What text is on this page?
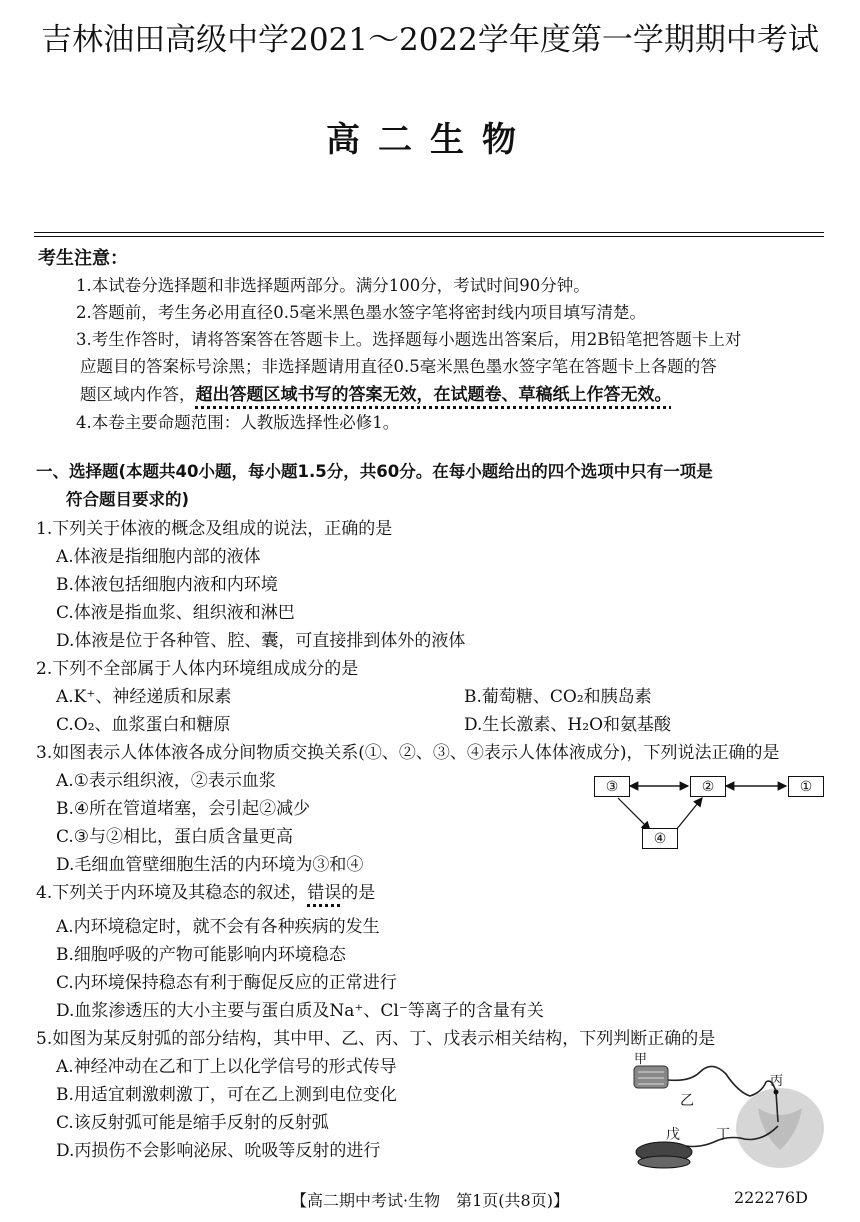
吉林油田高级中学2021～2022学年度第一学期期中考试
高二生物
考生注意：
1.本试卷分选择题和非选择题两部分。满分100分，考试时间90分钟。
2.答题前，考生务必用直径0.5毫米黑色墨水签字笔将密封线内项目填写清楚。
3.考生作答时，请将答案答在答题卡上。选择题每小题选出答案后，用2B铅笔把答题卡上对
应题目的答案标号涂黑；非选择题请用直径0.5毫米黑色墨水签字笔在答题卡上各题的答
题区域内作答，超出答题区域书写的答案无效，在试题卷、草稿纸上作答无效。
4.本卷主要命题范围：人教版选择性必修1。
一、选择题(本题共40小题，每小题1.5分，共60分。在每小题给出的四个选项中只有一项是
符合题目要求的)
1.下列关于体液的概念及组成的说法，正确的是
A.体液是指细胞内部的液体
B.体液包括细胞内液和内环境
C.体液是指血浆、组织液和淋巴
D.体液是位于各种管、腔、囊，可直接排到体外的液体
2.下列不全部属于人体内环境组成成分的是
A.K⁺、神经递质和尿素	B.葡萄糖、CO₂和胰岛素
C.O₂、血浆蛋白和糖原	D.生长激素、H₂O和氨基酸
3.如图表示人体体液各成分间物质交换关系(①、②、③、④表示人体体液成分)，下列说法正确的是
A.①表示组织液，②表示血浆
B.④所在管道堵塞，会引起②减少
C.③与②相比，蛋白质含量更高
D.毛细血管壁细胞生活的内环境为③和④
③	②	①
④
4.下列关于内环境及其稳态的叙述，错误的是
A.内环境稳定时，就不会有各种疾病的发生
B.细胞呼吸的产物可能影响内环境稳态
C.内环境保持稳态有利于酶促反应的正常进行
D.血浆渗透压的大小主要与蛋白质及Na⁺、Cl⁻等离子的含量有关
5.如图为某反射弧的部分结构，其中甲、乙、丙、丁、戊表示相关结构，下列判断正确的是
A.神经冲动在乙和丁上以化学信号的形式传导
B.用适宜刺激刺激丁，可在乙上测到电位变化
C.该反射弧可能是缩手反射的反射弧
D.丙损伤不会影响泌尿、吮吸等反射的进行
甲
乙
丙
丁
戊
【高二期中考试·生物　第1页(共8页)】	222276D
